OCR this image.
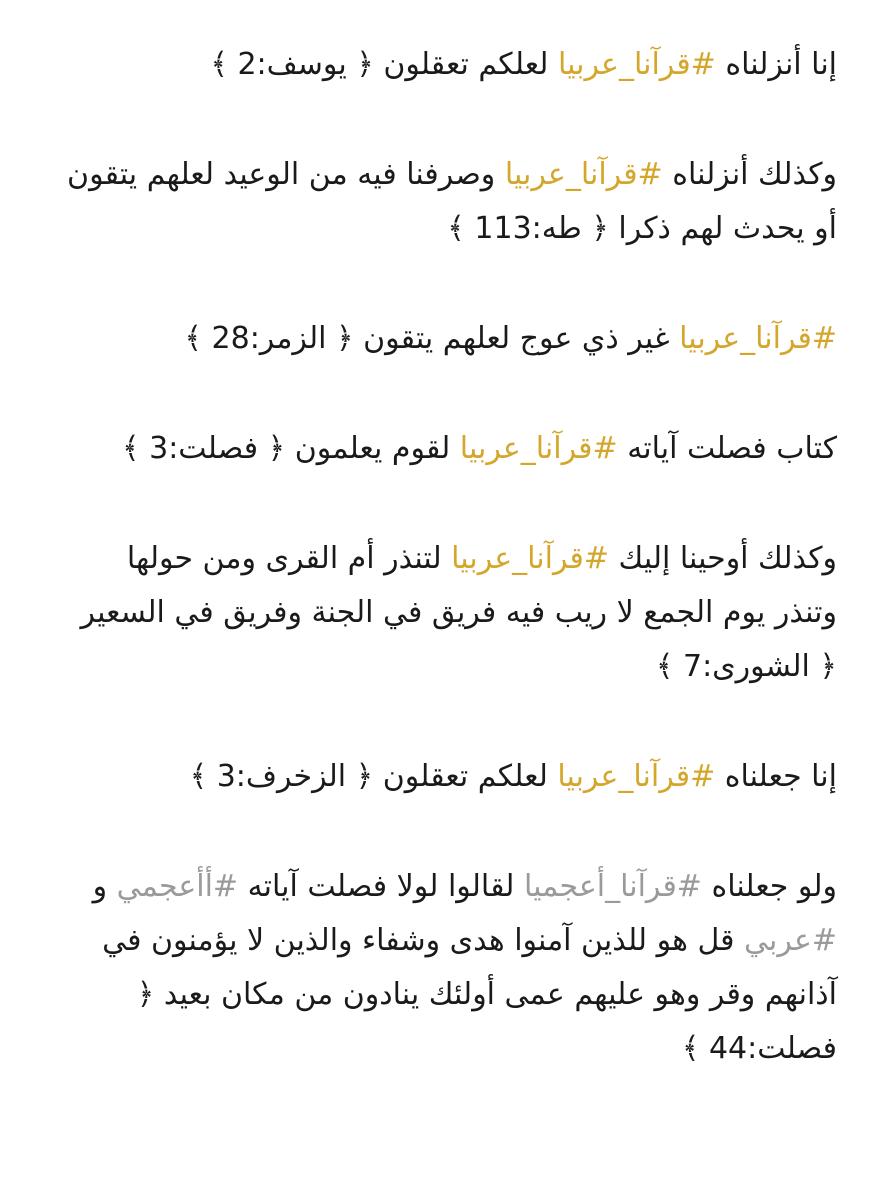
إنا أنزلناه #قرآنا_عربيا لعلكم تعقلون ﴿ يوسف:2 ﴾

وكذلك أنزلناه #قرآنا_عربيا وصرفنا فيه من الوعيد لعلهم يتقون أو يحدث لهم ذكرا ﴿ طه:113 ﴾

#قرآنا_عربيا غير ذي عوج لعلهم يتقون ﴿ الزمر:28 ﴾

كتاب فصلت آياته #قرآنا_عربيا لقوم يعلمون ﴿ فصلت:3 ﴾

وكذلك أوحينا إليك #قرآنا_عربيا لتنذر أم القرى ومن حولها وتنذر يوم الجمع لا ريب فيه فريق في الجنة وفريق في السعير ﴿ الشورى:7 ﴾

إنا جعلناه #قرآنا_عربيا لعلكم تعقلون ﴿ الزخرف:3 ﴾

ولو جعلناه #قرآنا_أعجميا لقالوا لولا فصلت آياته #أأعجمي و #عربي قل هو للذين آمنوا هدى وشفاء والذين لا يؤمنون في آذانهم وقر وهو عليهم عمى أولئك ينادون من مكان بعيد ﴿ فصلت:44 ﴾
